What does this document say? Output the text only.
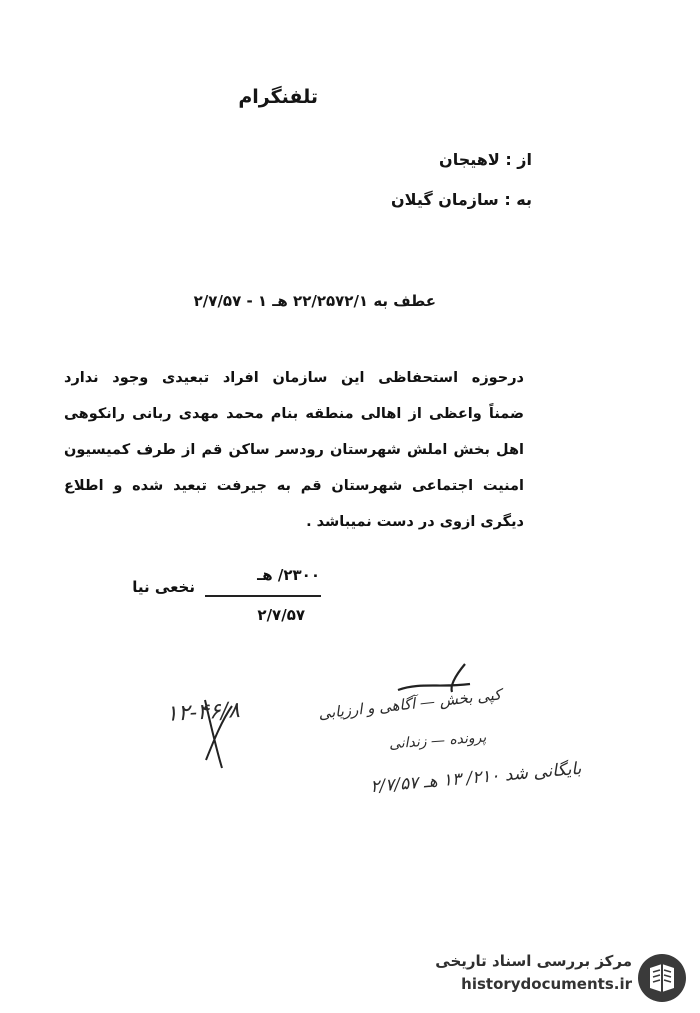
تلفنگرام
از : لاهیجان
به : سازمان گیلان
عطف به ۲۲/۲۵۷۲/۱ هـ ۱ - ۲/۷/۵۷
درحوزه استحفاظی این سازمان افراد تبعیدی وجود ندارد
ضمناً واعظی از اهالی منطقه بنام محمد مهدی ربانی رانکوهی
اهل بخش املش شهرستان رودسر ساکن قم از طرف کمیسیون
امنیت اجتماعی شهرستان قم به جیرفت تبعید شده و اطلاع
دیگری ازوی در دست نمیباشد .
۲۳۰۰/ هـ
۲/۷/۵۷
نخعی نیا
کپی بخش — آگاهی و ارزیابی
پرونده — زندانی
بایگانی شد ۲۱۰/ ۱۳ هـ ۲/۷/۵۷
۱۲-۴۶/۸
مرکز بررسی اسناد تاریخی
historydocuments.ir
